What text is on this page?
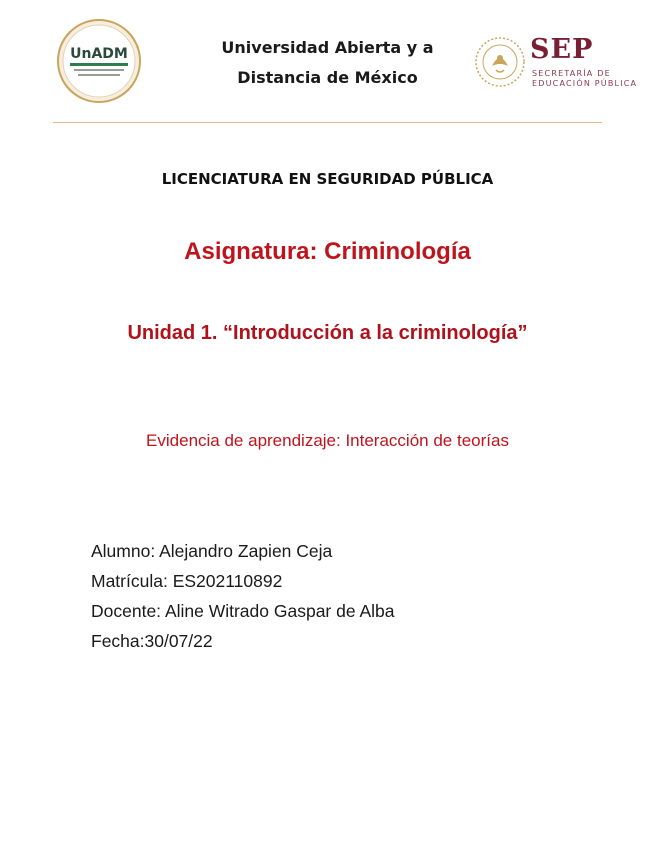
UnADM	Universidad Abierta y a
Distancia de México
SEP
SECRETARÍA DE
EDUCACIÓN PÚBLICA
LICENCIATURA EN SEGURIDAD PÚBLICA
Asignatura: Criminología
Unidad 1. “Introducción a la criminología”
Evidencia de aprendizaje: Interacción de teorías
Alumno: Alejandro Zapien Ceja
Matrícula: ES202110892
Docente: Aline Witrado Gaspar de Alba
Fecha:30/07/22
